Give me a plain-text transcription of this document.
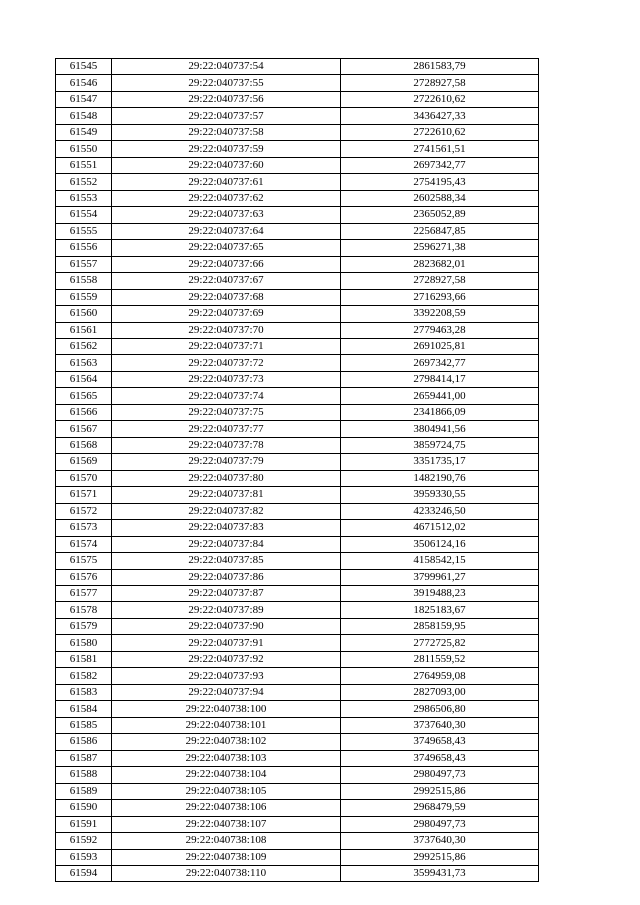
61545	29:22:040737:54	2861583,79
61546	29:22:040737:55	2728927,58
61547	29:22:040737:56	2722610,62
61548	29:22:040737:57	3436427,33
61549	29:22:040737:58	2722610,62
61550	29:22:040737:59	2741561,51
61551	29:22:040737:60	2697342,77
61552	29:22:040737:61	2754195,43
61553	29:22:040737:62	2602588,34
61554	29:22:040737:63	2365052,89
61555	29:22:040737:64	2256847,85
61556	29:22:040737:65	2596271,38
61557	29:22:040737:66	2823682,01
61558	29:22:040737:67	2728927,58
61559	29:22:040737:68	2716293,66
61560	29:22:040737:69	3392208,59
61561	29:22:040737:70	2779463,28
61562	29:22:040737:71	2691025,81
61563	29:22:040737:72	2697342,77
61564	29:22:040737:73	2798414,17
61565	29:22:040737:74	2659441,00
61566	29:22:040737:75	2341866,09
61567	29:22:040737:77	3804941,56
61568	29:22:040737:78	3859724,75
61569	29:22:040737:79	3351735,17
61570	29:22:040737:80	1482190,76
61571	29:22:040737:81	3959330,55
61572	29:22:040737:82	4233246,50
61573	29:22:040737:83	4671512,02
61574	29:22:040737:84	3506124,16
61575	29:22:040737:85	4158542,15
61576	29:22:040737:86	3799961,27
61577	29:22:040737:87	3919488,23
61578	29:22:040737:89	1825183,67
61579	29:22:040737:90	2858159,95
61580	29:22:040737:91	2772725,82
61581	29:22:040737:92	2811559,52
61582	29:22:040737:93	2764959,08
61583	29:22:040737:94	2827093,00
61584	29:22:040738:100	2986506,80
61585	29:22:040738:101	3737640,30
61586	29:22:040738:102	3749658,43
61587	29:22:040738:103	3749658,43
61588	29:22:040738:104	2980497,73
61589	29:22:040738:105	2992515,86
61590	29:22:040738:106	2968479,59
61591	29:22:040738:107	2980497,73
61592	29:22:040738:108	3737640,30
61593	29:22:040738:109	2992515,86
61594	29:22:040738:110	3599431,73
